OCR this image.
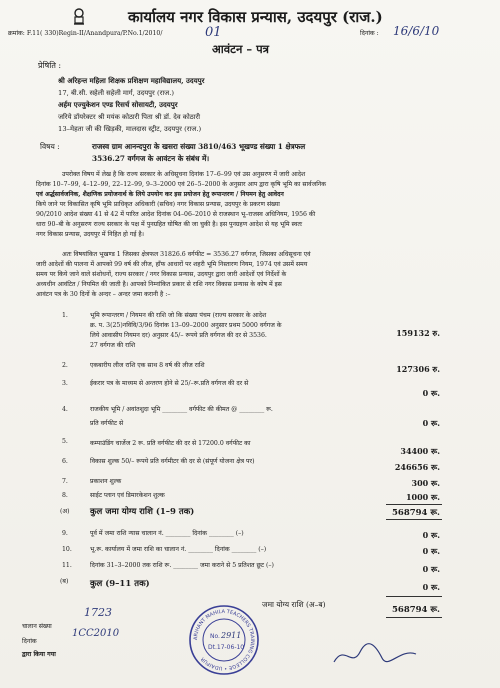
कार्यालय नगर विकास प्रन्यास, उदयपुर (राज.)
क्रमांक: F.11( 330)Regin-II/Anandpura/P.No.1/2010/	01	दिनांक : 16/6/10
आवंटन – पत्र
प्रेषिति :
श्री अरिहन्त महिला शिक्षक प्रशिक्षण महाविद्यालय, उदयपुर
17, बी.सी. सहेली सहेली मार्ग, उदयपुर (राज.)
अर्हम एज्युकेशन एण्ड रिसर्च सोसायटी, उदयपुर
जरिये डॉयरेक्टर श्री मयंक कोठारी पिता श्री डॉ. देव कोठारी
13–मेहता जी की खिड़की, मालदास स्ट्रीट, उदयपुर (राज.)
विषय :	राजस्व ग्राम आनन्दपुरा के खसरा संख्या 3810/463 भूखण्ड संख्या 1 क्षेत्रफल
3536.27 वर्गगज के आवंटन के संबंध में।
उपरोक्त विषय में लेख है कि राज्य सरकार के अधिसूचना दिनांक 17–6–99 एवं उस अनुसरण में जारी आदेश
दिनांक 10–7–99, 4–12–99, 22–12–99, 9–3–2000 एवं 26–5–2000 के अनुसार आप द्वारा कृषि भूमि का सार्वजनिक
एवं अर्द्धसार्वजनिक, शैक्षणिक प्रयोजनार्थ के लिये उपयोग कर इस प्रयोजन हेतु रूपान्तरण / नियमन हेतु आवेदन
किये जाने पर विकासित कृषि भूमि प्राधिकृत अधिकारी (सचिव) नगर विकास प्रन्यास, उदयपुर के प्रकरण संख्या
90/2010 आदेश संख्या 41 से 42 में पारित आदेश दिनांक 04–06–2010 से राजस्थान भू–राजस्व अधिनियम, 1956 की
धारा 90–बी के अनुसरण राज्य सरकार के पक्ष में पुनग्रहित घोषित की जा चुकी है। इस पुनग्रहण आदेश से यह भूमि स्वतः
नगर विकास प्रन्यास, उदयपुर में निहित हो गई है।
अतः विषयांकित भूखण्ड 1 जिसका क्षेत्रफल 31826.6 वर्गफीट = 3536.27 वर्गगज, जिसका अधिसूचना एवं
जारी आदेशों की पालना में आपको 99 वर्ष की लीज, हाँफ आधारों पर शहरी भूमि निस्तारण नियम, 1974 एवं उसमें समय
समय पर किये जाने वाले संशोधनों, राज्य सरकार / नगर विकास प्रन्यास, उदयपुर द्वारा जारी आदेशों एवं निर्देशों के
अध्यधीन आवंटित / नियमित की जाती है। आपको निम्नांकित प्रकार से राशि नगर विकास प्रन्यास के कोष में इस
आवंटन पत्र के 30 दिनों के अन्दर – अन्दर जमा करानी है :–
1.	भूमि रूपान्तरण / नियमन की राशि जो कि संख्या पंचम (राज्य सरकार के आदेश
क्र. प. 3(25)नविवि/3/96 दिनांक 13–09–2000 अनुसार प्रथम 5000 वर्गगज के
लिये आवासीय नियमन दर) अनुसार 45/– रूपये प्रति वर्गगज की दर से 3536.
27 वर्गगज की राशि
159132 रु.
2.	एकबारीय लीज राशि एक साथ 8 वर्ष की लीज राशि	127306 रु.
3.	ईकरार पत्र के माध्यम से अन्तरण होने से 25/–रू.प्रति वर्गगज की दर से
0 रू.
4.	राजकीय भूमि / अवांतशुदा भूमि ________ वर्गफीट की कीमत @ ________ रू.
प्रति वर्गफीट से	0 रू.
5.	कम्पाउंडिंग चार्जेज 2 रू. प्रति वर्गफीट की दर से 17200.0 वर्गफीट का
34400 रू.
6.	विकास शुल्क 50/– रूपये प्रति वर्गमीटर की दर से (संपूर्ण योजना क्षेत्र पर)
246656 रू.
7.	प्रकाशन शुल्क	300 रू.
8.	साईट प्लान एवं डिमारकेशन शुल्क	1000 रू.
(अ) कुल जमा योग्य राशि (1–9 तक)	568794 रू.
9.	पूर्व में जमा राशि न्यास चालान नं. ________ दिनांक ________ (–)	0 रू.
10.	भू.रू. कार्यालय में जमा राशि का चालान नं. ________ दिनांक ________ (–)	0 रू.
11.	दिनांक 31–3–2000 तक राशि रू. ________ जमा कराने से 5 प्रतिशत छूट (–)	0 रू.
(ब)	कुल (9–11 तक)	0 रू.
जमा योग्य राशि (अ–ब)
568794 रू.
चालान संख्या
1723
दिनांक
1CC2010
द्वारा किया गया
ARIHANT MAHILA TEACHERS TRAINING COLLEGE • UDAIPUR
No. 2911
Dt.17-06-10
